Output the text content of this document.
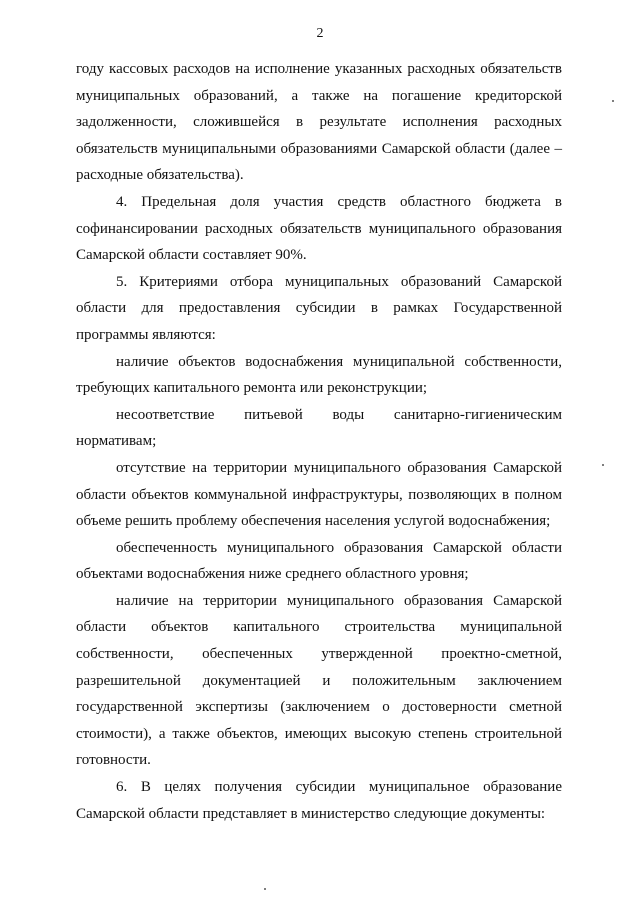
2
году кассовых расходов на исполнение указанных расходных обязательств
муниципальных образований, а также на погашение кредиторской
задолженности, сложившейся в результате исполнения расходных
обязательств муниципальными образованиями Самарской области (далее –
расходные обязательства).
4. Предельная доля участия средств областного бюджета в
софинансировании расходных обязательств муниципального образования
Самарской области составляет 90%.
5. Критериями отбора муниципальных образований Самарской
области для предоставления субсидии в рамках Государственной
программы являются:
наличие объектов водоснабжения муниципальной собственности,
требующих капитального ремонта или реконструкции;
несоответствие питьевой воды санитарно-гигиеническим
нормативам;
отсутствие на территории муниципального образования Самарской
области объектов коммунальной инфраструктуры, позволяющих в полном
объеме решить проблему обеспечения населения услугой водоснабжения;
обеспеченность муниципального образования Самарской области
объектами водоснабжения ниже среднего областного уровня;
наличие на территории муниципального образования Самарской
области объектов капитального строительства муниципальной
собственности, обеспеченных утвержденной проектно-сметной,
разрешительной документацией и положительным заключением
государственной экспертизы (заключением о достоверности сметной
стоимости), а также объектов, имеющих высокую степень строительной
готовности.
6. В целях получения субсидии муниципальное образование
Самарской области представляет в министерство следующие документы:
